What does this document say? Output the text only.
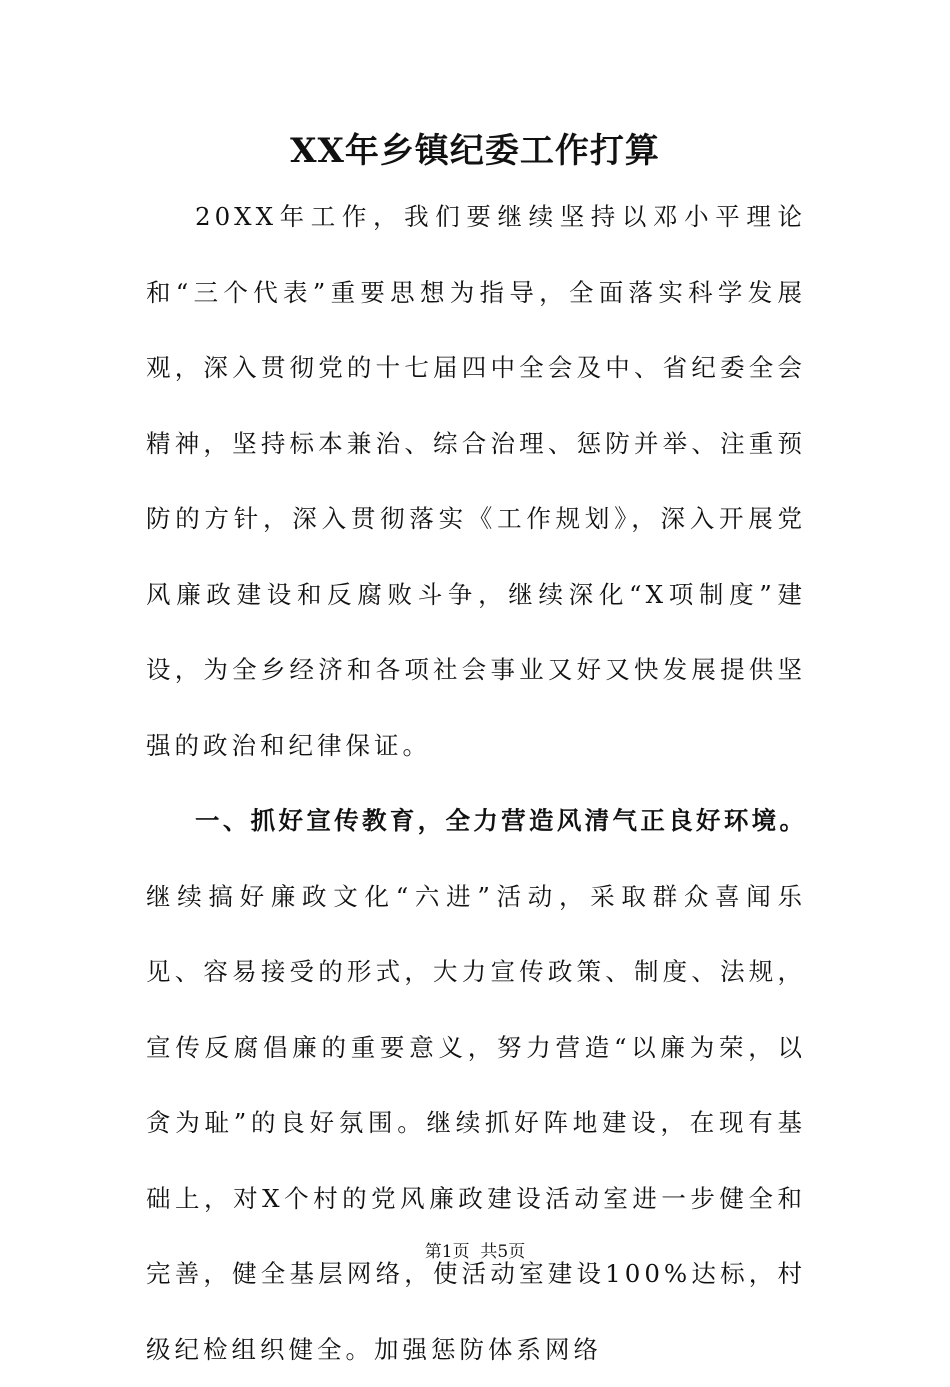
XX年乡镇纪委工作打算

20XX年工作，我们要继续坚持以邓小平理论和“三个代表”重要思想为指导，全面落实科学发展观，深入贯彻党的十七届四中全会及中、省纪委全会精神，坚持标本兼治、综合治理、惩防并举、注重预防的方针，深入贯彻落实《工作规划》，深入开展党风廉政建设和反腐败斗争，继续深化“X项制度”建设，为全乡经济和各项社会事业又好又快发展提供坚强的政治和纪律保证。

一、抓好宣传教育，全力营造风清气正良好环境。继续搞好廉政文化“六进”活动，采取群众喜闻乐见、容易接受的形式，大力宣传政策、制度、法规，宣传反腐倡廉的重要意义，努力营造“以廉为荣，以贪为耻”的良好氛围。继续抓好阵地建设，在现有基础上，对X个村的党风廉政建设活动室进一步健全和完善，健全基层网络，使活动室建设100%达标，村级纪检组织健全。加强惩防体系网络

第1页  共5页
